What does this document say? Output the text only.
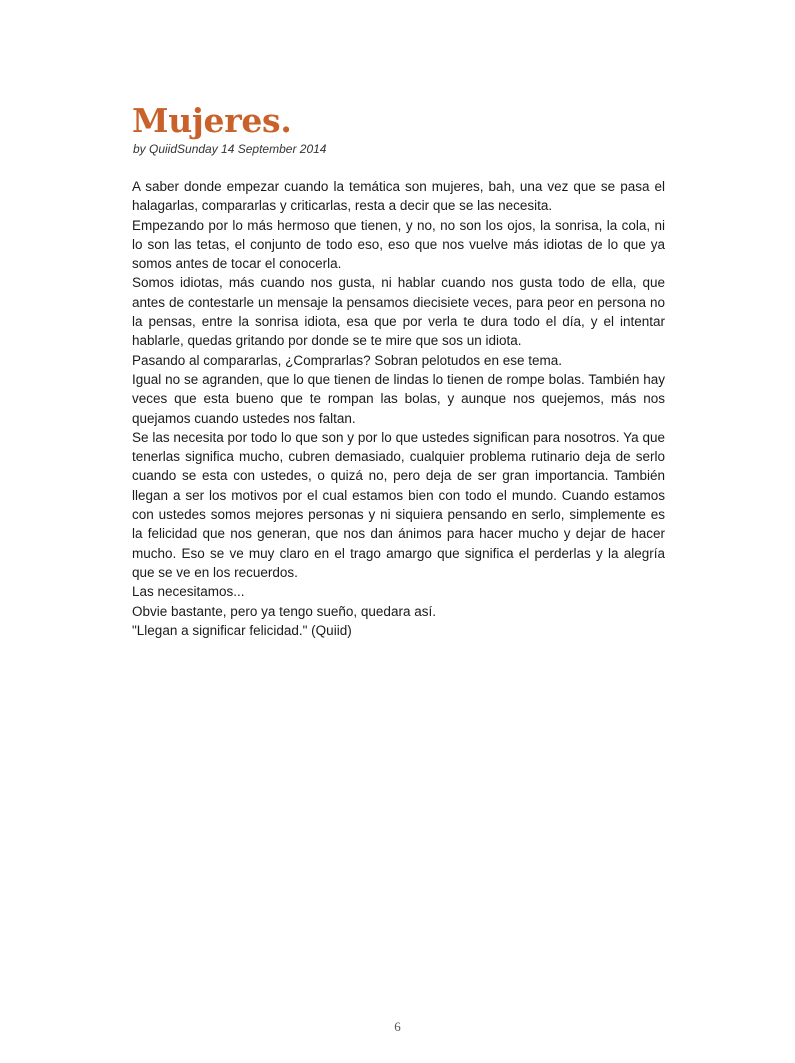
Mujeres.
by QuiidSunday 14 September 2014

A saber donde empezar cuando la temática son mujeres, bah, una vez que se pasa el halagarlas, compararlas y criticarlas, resta a decir que se las necesita.

Empezando por lo más hermoso que tienen, y no, no son los ojos, la sonrisa, la cola, ni lo son las tetas, el conjunto de todo eso, eso que nos vuelve más idiotas de lo que ya somos antes de tocar el conocerla.

Somos idiotas, más cuando nos gusta, ni hablar cuando nos gusta todo de ella, que antes de contestarle un mensaje la pensamos diecisiete veces, para peor en persona no la pensas, entre la sonrisa idiota, esa que por verla te dura todo el día, y el intentar hablarle, quedas gritando por donde se te mire que sos un idiota.

Pasando al compararlas, ¿Comprarlas? Sobran pelotudos en ese tema.

Igual no se agranden, que lo que tienen de lindas lo tienen de rompe bolas. También hay veces que esta bueno que te rompan las bolas, y aunque nos quejemos, más nos quejamos cuando ustedes nos faltan.

Se las necesita por todo lo que son y por lo que ustedes significan para nosotros. Ya que tenerlas significa mucho, cubren demasiado, cualquier problema rutinario deja de serlo cuando se esta con ustedes, o quizá no, pero deja de ser gran importancia. También llegan a ser los motivos por el cual estamos bien con todo el mundo. Cuando estamos con ustedes somos mejores personas y ni siquiera pensando en serlo, simplemente es la felicidad que nos generan, que nos dan ánimos para hacer mucho y dejar de hacer mucho. Eso se ve muy claro en el trago amargo que significa el perderlas y la alegría que se ve en los recuerdos.

Las necesitamos...

Obvie bastante, pero ya tengo sueño, quedara así.

"Llegan a significar felicidad." (Quiid)

6
